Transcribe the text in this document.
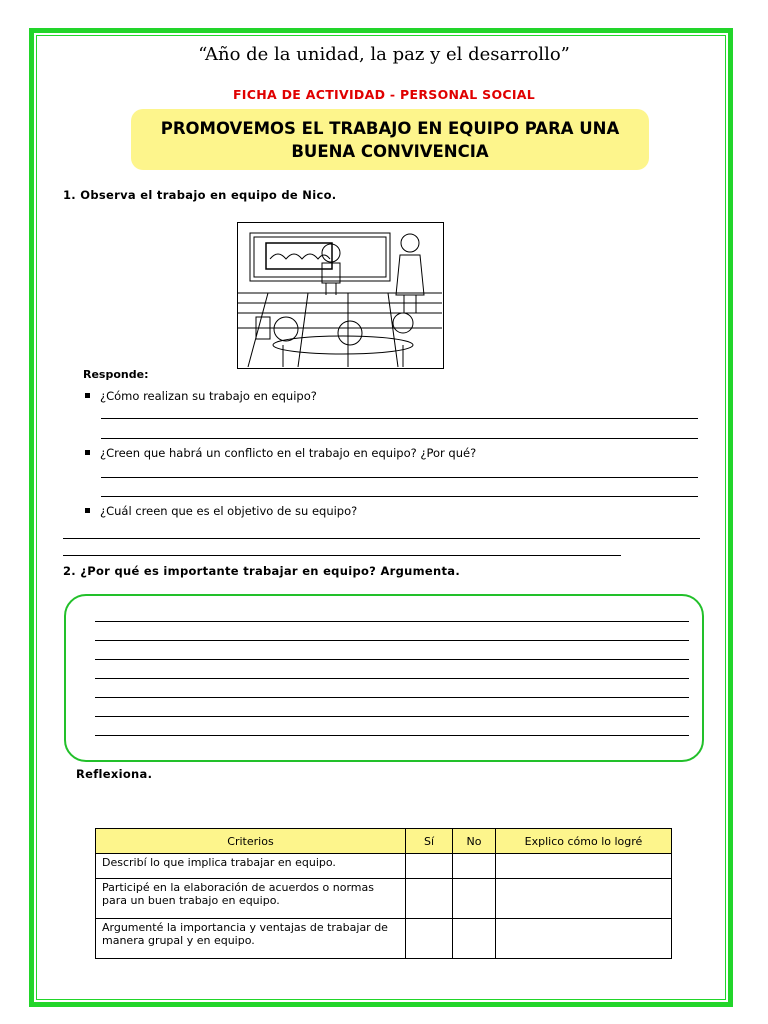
“Año de la unidad, la paz y el desarrollo”
FICHA DE ACTIVIDAD - PERSONAL SOCIAL
PROMOVEMOS EL TRABAJO EN EQUIPO PARA UNA
BUENA CONVIVENCIA
1. Observa el trabajo en equipo de Nico.
Responde:
¿Cómo realizan su trabajo en equipo?
¿Creen que habrá un conflicto en el trabajo en equipo? ¿Por qué?
¿Cuál creen que es el objetivo de su equipo?
2. ¿Por qué es importante trabajar en equipo? Argumenta.
Reflexiona.
Criterios	Sí	No	Explico cómo lo logré
Describí lo que implica trabajar en equipo.			
Participé en la elaboración de acuerdos o normas para un buen trabajo en equipo.			
Argumenté la importancia y ventajas de trabajar de manera grupal y en equipo.			
